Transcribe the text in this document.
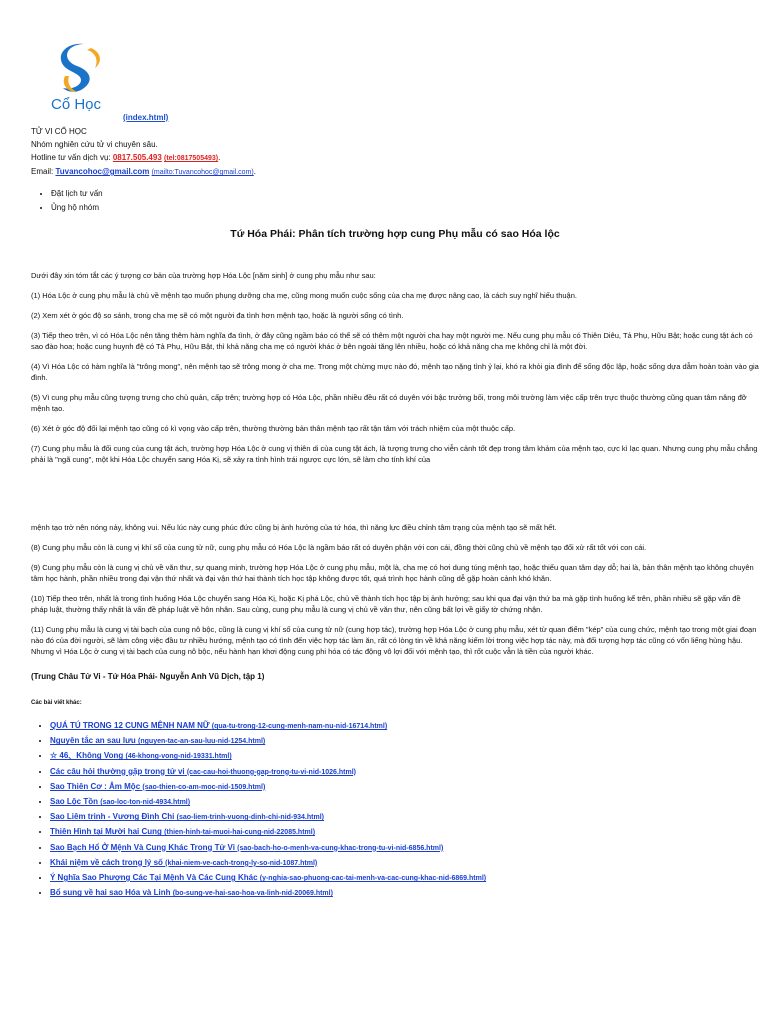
Cổ Học
(index.html)
TỬ VI CỔ HỌC
Nhóm nghiên cứu tử vi chuyên sâu.
Hotline tư vấn dịch vụ: 0817.505.493 (tel:0817505493).
Email: Tuvancohoc@gmail.com (mailto:Tuvancohoc@gmail.com).
• Đặt lịch tư vấn
• Ủng hộ nhóm
Tứ Hóa Phái: Phân tích trường hợp cung Phụ mẫu có sao Hóa lộc

Dưới đây xin tóm tắt các ý tượng cơ bản của trường hợp Hóa Lộc [năm sinh] ở cung phụ mẫu như sau:

(1) Hóa Lộc ở cung phụ mẫu là chủ về mệnh tạo muốn phụng dưỡng cha mẹ, cũng mong muốn cuộc sống của cha mẹ được nâng cao, là cách suy nghĩ hiếu thuận.

(2) Xem xét ở góc độ so sánh, trong cha mẹ sẽ có một người đa tình hơn mệnh tạo, hoặc là người sống có tình.

(3) Tiếp theo trên, vì có Hóa Lộc nên tăng thêm hàm nghĩa đa tình, ở đây cũng ngầm báo có thể sẽ có thêm một người cha hay một người mẹ. Nếu cung phụ mẫu có Thiên Diêu, Tả Phụ, Hữu Bật; hoặc cung tật ách có sao đào hoa; hoặc cung huynh đệ có Tả Phụ, Hữu Bật, thì khả năng cha mẹ có người khác ở bên ngoài tăng lên nhiều, hoặc có khả năng cha mẹ không chỉ là một đời.

(4) Vì Hóa Lộc có hàm nghĩa là "trông mong", nên mệnh tạo sẽ trông mong ở cha mẹ. Trong một chừng mực nào đó, mệnh tạo nặng tình ỷ lại, khó ra khỏi gia đình để sống độc lập, hoặc sống dựa dẫm hoàn toàn vào gia đình.

(5) Vì cung phụ mẫu cũng tượng trưng cho chủ quản, cấp trên; trường hợp có Hóa Lộc, phần nhiều đều rất có duyên với bậc trưởng bối, trong môi trường làm việc cấp trên trực thuộc thường cũng quan tâm nâng đỡ mệnh tạo.

(6) Xét ở góc độ đối lại mệnh tạo cũng có kì vọng vào cấp trên, thường thường bản thân mệnh tạo rất tận tâm với trách nhiệm của một thuộc cấp.

(7) Cung phụ mẫu là đối cung của cung tật ách, trường hợp Hóa Lộc ở cung vị thiên di của cung tật ách, là tượng trưng cho viễn cảnh tốt đẹp trong tâm khảm của mệnh tạo, cực kì lạc quan. Nhưng cung phụ mẫu chẳng phải là "ngã cung", một khi Hóa Lộc chuyển sang Hóa Kị, sẽ xảy ra tình hình trái ngược cực lớn, sẽ làm cho tính khí của

mệnh tạo trở nên nóng nảy, không vui. Nếu lúc này cung phúc đức cũng bị ảnh hưởng của tứ hóa, thì năng lực điều chỉnh tâm trạng của mệnh tạo sẽ mất hết.

(8) Cung phụ mẫu còn là cung vị khí số của cung tử nữ, cung phụ mẫu có Hóa Lộc là ngầm báo rất có duyên phận với con cái, đồng thời cũng chủ về mệnh tạo đối xử rất tốt với con cái.

(9) Cung phụ mẫu còn là cung vị chủ về văn thư, sự quang minh, trường hợp Hóa Lộc ở cung phụ mẫu, một là, cha mẹ có hơi dung túng mệnh tạo, hoặc thiếu quan tâm dạy dỗ; hai là, bản thân mệnh tạo không chuyên tâm học hành, phần nhiều trong đại vận thứ nhất và đại vận thứ hai thành tích học tập không được tốt, quá trình học hành cũng dễ gặp hoàn cảnh khó khăn.

(10) Tiếp theo trên, nhất là trong tình huống Hóa Lộc chuyển sang Hóa Kị, hoặc Kị phá Lộc, chủ về thành tích học tập bị ảnh hưởng; sau khi qua đại vận thứ ba mà gặp tình huống kể trên, phần nhiều sẽ gặp vấn đề pháp luật, thường thấy nhất là vấn đề pháp luật về hôn nhân. Sau cùng, cung phụ mẫu là cung vị chủ về văn thư, nên cũng bất lợi về giấy tờ chứng nhận.

(11) Cung phụ mẫu là cung vị tài bạch của cung nô bộc, cũng là cung vị khí số của cung tử nữ (cung hợp tác), trường hợp Hóa Lộc ở cung phụ mẫu, xét từ quan điểm "kép" của cung chức, mệnh tạo trong một giai đoạn nào đó của đời người, sẽ làm công việc đầu tư nhiều hướng, mệnh tạo có tình đến việc hợp tác làm ăn, rất có lòng tin về khả năng kiếm lời trong việc hợp tác này, mà đối tượng hợp tác cũng có vốn liếng hùng hậu. Nhưng vì Hóa Lộc ở cung vị tài bạch của cung nô bộc, nếu hành hạn khơi động cung phi hóa có tác động vô lợi đối với mệnh tạo, thì rốt cuộc vẫn là tiền của người khác.

(Trung Châu Tử Vi - Tứ Hóa Phái- Nguyễn Anh Vũ Dịch, tập 1)
Các bài viết khác:
• QUÁ TÚ TRONG 12 CUNG MỆNH NAM NỮ (qua-tu-trong-12-cung-menh-nam-nu-nid-16714.html)
• Nguyên tắc an sau lưu (nguyen-tac-an-sau-luu-nid-1254.html)
• ☆ 46、Không Vong (46-khong-vong-nid-19331.html)
• Các câu hỏi thường gặp trong tử vi (cac-cau-hoi-thuong-gap-trong-tu-vi-nid-1026.html)
• Sao Thiên Cơ : Âm Mộc (sao-thien-co-am-moc-nid-1509.html)
• Sao Lộc Tồn (sao-loc-ton-nid-4934.html)
• Sao Liêm trinh - Vương Đình Chi (sao-liem-trinh-vuong-dinh-chi-nid-934.html)
• Thiên Hình tại Mười hai Cung (thien-hinh-tai-muoi-hai-cung-nid-22085.html)
• Sao Bạch Hổ Ở Mệnh Và Cung Khác Trong Tử Vi (sao-bach-ho-o-menh-va-cung-khac-trong-tu-vi-nid-6856.html)
• Khái niệm về cách trong lý số (khai-niem-ve-cach-trong-ly-so-nid-1087.html)
• Ý Nghĩa Sao Phượng Các Tại Mệnh Và Các Cung Khác (y-nghia-sao-phuong-cac-tai-menh-va-cac-cung-khac-nid-6869.html)
• Bổ sung về hai sao Hóa và Linh (bo-sung-ve-hai-sao-hoa-va-linh-nid-20069.html)
